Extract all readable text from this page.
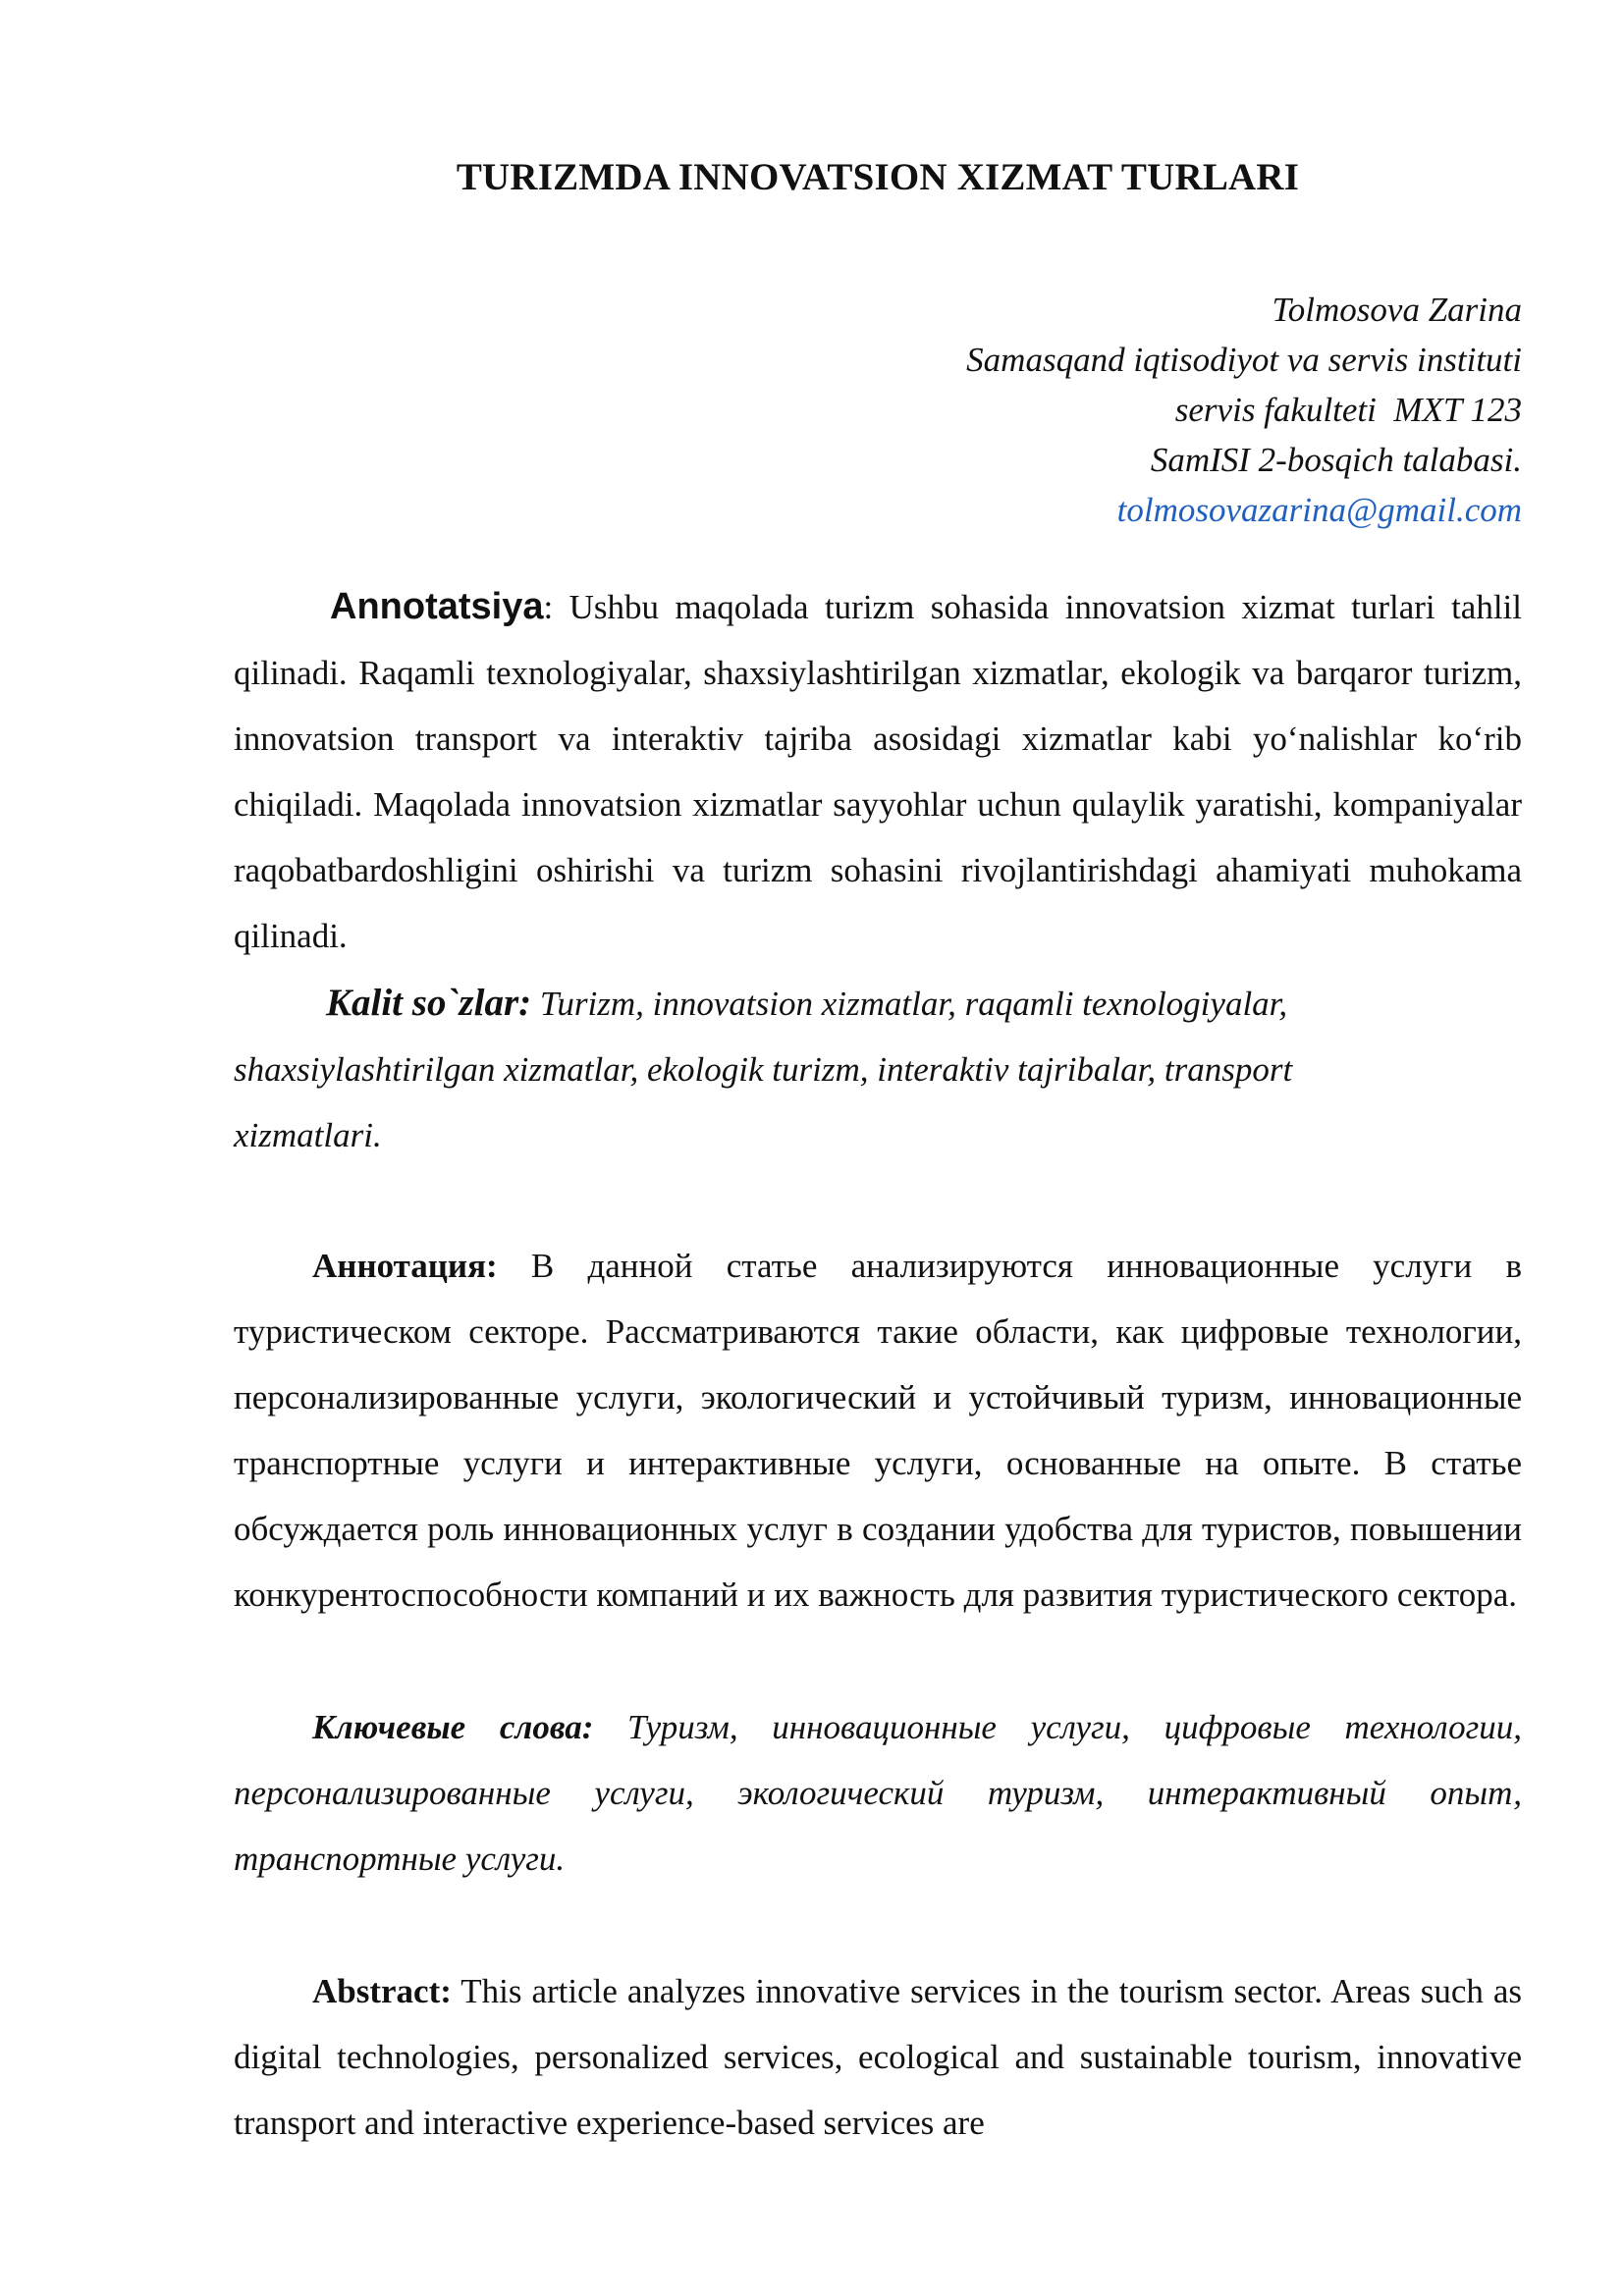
TURIZMDA INNOVATSION XIZMAT TURLARI
Tolmosova Zarina
Samasqand iqtisodiyot va servis instituti
servis fakulteti  MXT 123
SamISI 2-bosqich talabasi.
tolmosovazarina@gmail.com
Annotatsiya: Ushbu maqolada turizm sohasida innovatsion xizmat turlari tahlil qilinadi. Raqamli texnologiyalar, shaxsiylashtirilgan xizmatlar, ekologik va barqaror turizm, innovatsion transport va interaktiv tajriba asosidagi xizmatlar kabi yo‘nalishlar ko‘rib chiqiladi. Maqolada innovatsion xizmatlar sayyohlar uchun qulaylik yaratishi, kompaniyalar raqobatbardoshligini oshirishi va turizm sohasini rivojlantirishdagi ahamiyati muhokama qilinadi.
Kalit so`zlar: Turizm, innovatsion xizmatlar, raqamli texnologiyalar, shaxsiylashtirilgan xizmatlar, ekologik turizm, interaktiv tajribalar, transport xizmatlari.
Аннотация: В данной статье анализируются инновационные услуги в туристическом секторе. Рассматриваются такие области, как цифровые технологии, персонализированные услуги, экологический и устойчивый туризм, инновационные транспортные услуги и интерактивные услуги, основанные на опыте. В статье обсуждается роль инновационных услуг в создании удобства для туристов, повышении конкурентоспособности компаний и их важность для развития туристического сектора.
Ключевые слова: Туризм, инновационные услуги, цифровые технологии, персонализированные услуги, экологический туризм, интерактивный опыт, транспортные услуги.
Abstract: This article analyzes innovative services in the tourism sector. Areas such as digital technologies, personalized services, ecological and sustainable tourism, innovative transport and interactive experience-based services are
